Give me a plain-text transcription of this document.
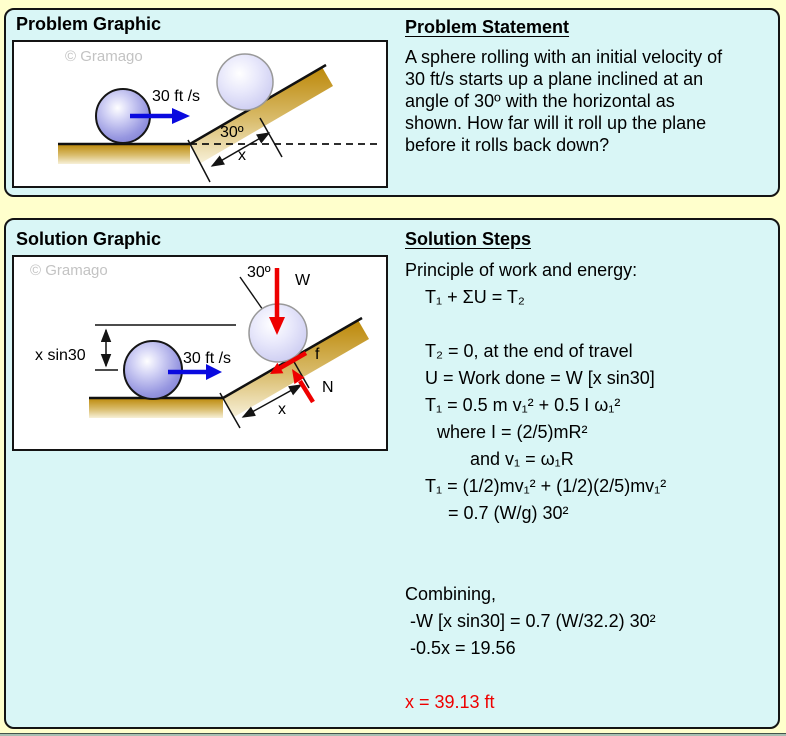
Problem Graphic
© Gramago
30 ft /s
30º
x
Problem Statement
A sphere rolling with an initial velocity of
30 ft/s starts up a plane inclined at an
angle of 30º with the horizontal as
shown. How far will it roll up the plane
before it rolls back down?
Solution Graphic
© Gramago
x sin30	30 ft /s
30º W
f
N
x
Solution Steps
Principle of work and energy:
T₁ + ΣU = T₂

T₂ = 0, at the end of travel
U = Work done = W [x sin30]
T₁ = 0.5 m v₁² + 0.5 I ω₁²
where I = (2/5)mR²
and v₁ = ω₁R
T₁ = (1/2)mv₁² + (1/2)(2/5)mv₁²
= 0.7 (W/g) 30²

Combining,
-W [x sin30] = 0.7 (W/32.2) 30²
-0.5x = 19.56

x = 39.13 ft
